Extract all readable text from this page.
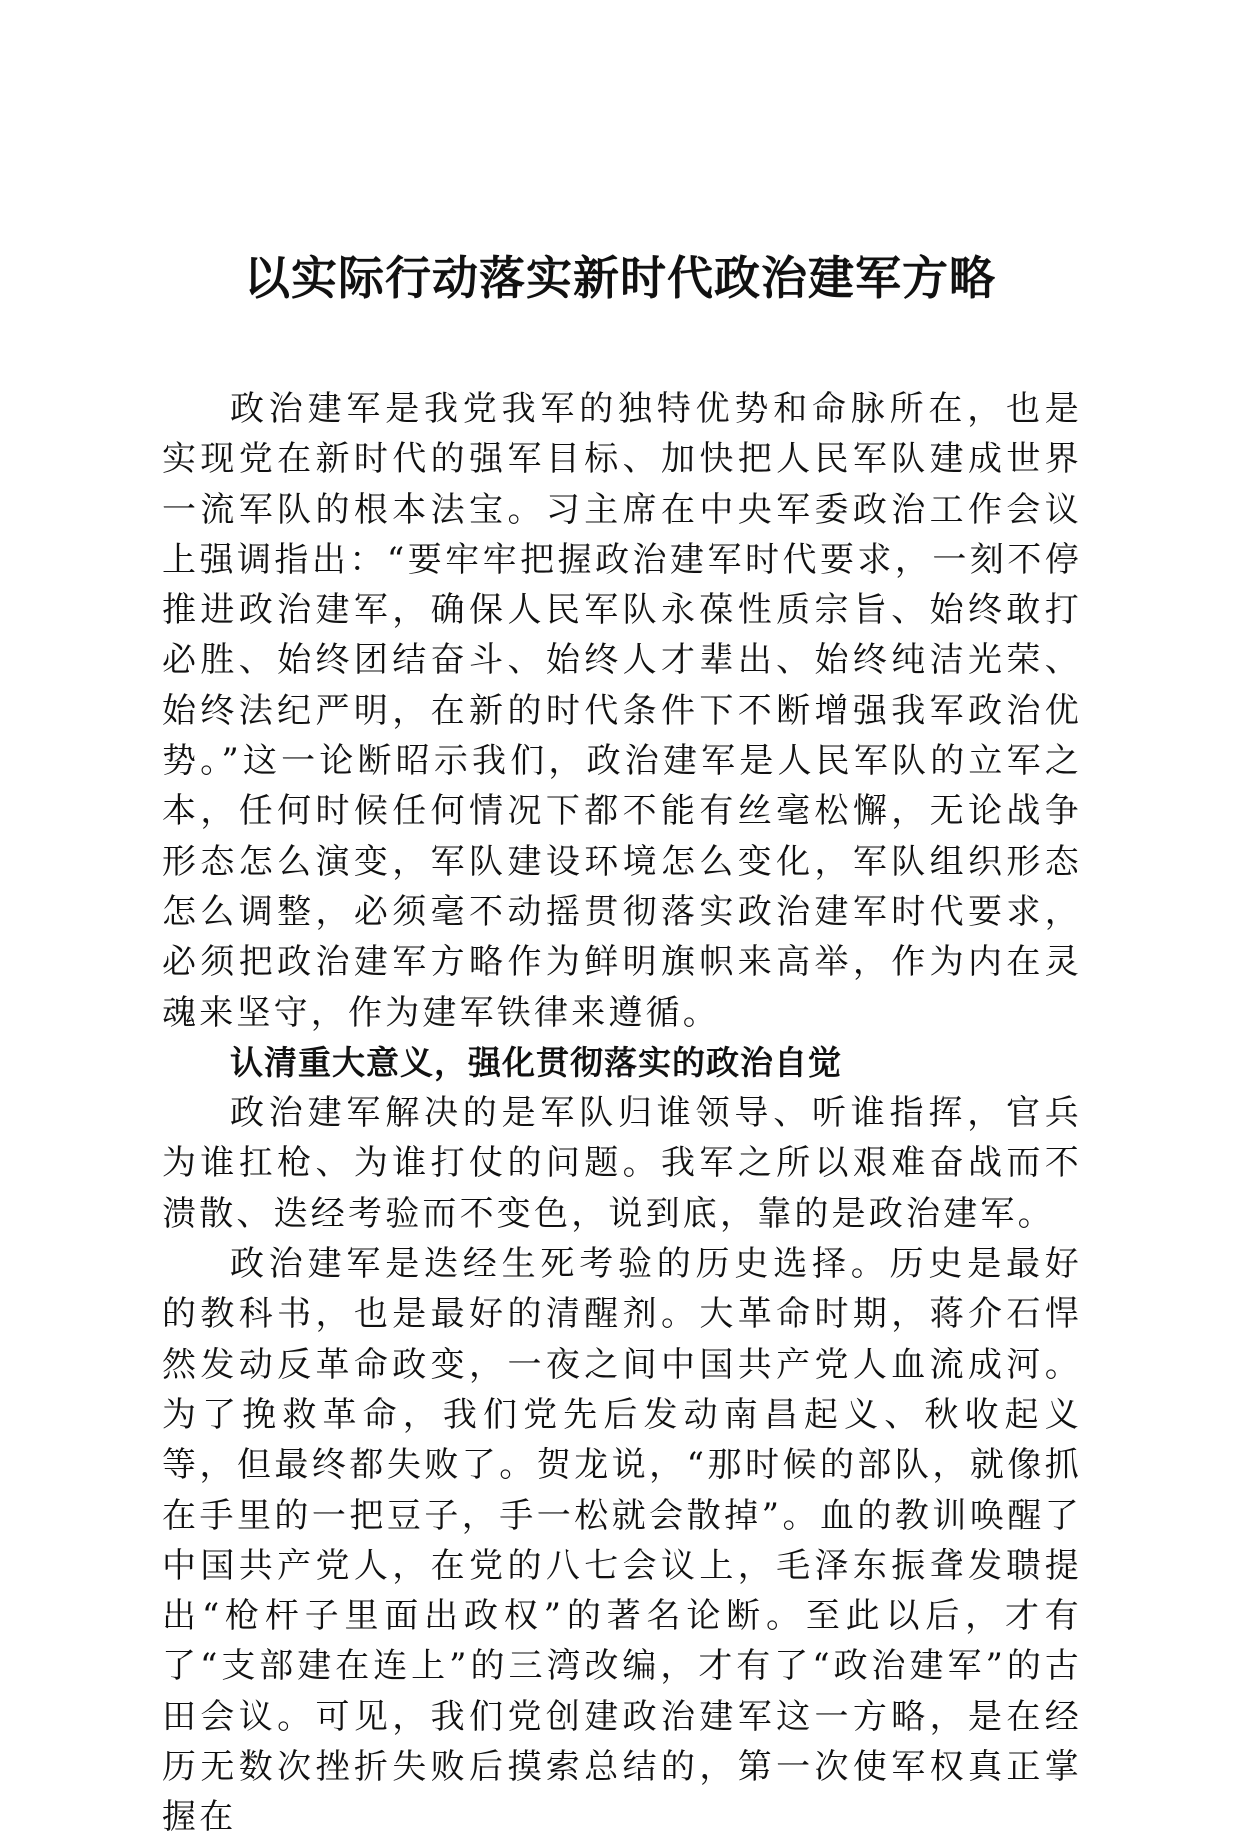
以实际行动落实新时代政治建军方略

政治建军是我党我军的独特优势和命脉所在，也是实现党在新时代的强军目标、加快把人民军队建成世界一流军队的根本法宝。习主席在中央军委政治工作会议上强调指出：“要牢牢把握政治建军时代要求，一刻不停推进政治建军，确保人民军队永葆性质宗旨、始终敢打必胜、始终团结奋斗、始终人才辈出、始终纯洁光荣、始终法纪严明，在新的时代条件下不断增强我军政治优势。”这一论断昭示我们，政治建军是人民军队的立军之本，任何时候任何情况下都不能有丝毫松懈，无论战争形态怎么演变，军队建设环境怎么变化，军队组织形态怎么调整，必须毫不动摇贯彻落实政治建军时代要求，必须把政治建军方略作为鲜明旗帜来高举，作为内在灵魂来坚守，作为建军铁律来遵循。

认清重大意义，强化贯彻落实的政治自觉

政治建军解决的是军队归谁领导、听谁指挥，官兵为谁扛枪、为谁打仗的问题。我军之所以艰难奋战而不溃散、迭经考验而不变色，说到底，靠的是政治建军。

政治建军是迭经生死考验的历史选择。历史是最好的教科书，也是最好的清醒剂。大革命时期，蒋介石悍然发动反革命政变，一夜之间中国共产党人血流成河。为了挽救革命，我们党先后发动南昌起义、秋收起义等，但最终都失败了。贺龙说，“那时候的部队，就像抓在手里的一把豆子，手一松就会散掉”。血的教训唤醒了中国共产党人，在党的八七会议上，毛泽东振聋发聩提出“枪杆子里面出政权”的著名论断。至此以后，才有了“支部建在连上”的三湾改编，才有了“政治建军”的古田会议。可见，我们党创建政治建军这一方略，是在经历无数次挫折失败后摸索总结的，第一次使军权真正掌握在
